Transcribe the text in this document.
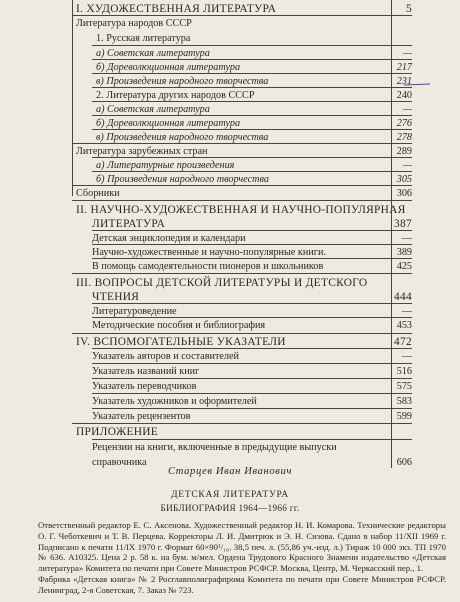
I. ХУДОЖЕСТВЕННАЯ ЛИТЕРАТУРА	5
Литература народов СССР
1. Русская литература
а) Советская литература	—
б) Дореволюционная литература	217
в) Произведения народного творчества	231
2. Литература других народов СССР	240
а) Советская литература	—
б) Дореволюционная литература	276
в) Произведения народного творчества	278
Литература зарубежных стран	289
а) Литературные произведения	—
б) Произведения народного творчества	305
Сборники	306
II. НАУЧНО-ХУДОЖЕСТВЕННАЯ И НАУЧНО-ПОПУЛЯРНАЯ
ЛИТЕРАТУРА	387
Детская энциклопедия и календари	—
Научно-художественные и научно-популярные книги.	389
В помощь самодеятельности пионеров и школьников	425
III. ВОПРОСЫ ДЕТСКОЙ ЛИТЕРАТУРЫ И ДЕТСКОГО
ЧТЕНИЯ	444
Литературоведение	—
Методические пособия и библиография	453
IV. ВСПОМОГАТЕЛЬНЫЕ УКАЗАТЕЛИ	472
Указатель авторов и составителей	—
Указатель названий книг	516
Указатель переводчиков	575
Указатель художников и оформителей	583
Указатель рецензентов	599
ПРИЛОЖЕНИЕ
Рецензии на книги, включенные в предыдущие выпуски
справочника	606
Старцев Иван Иванович
ДЕТСКАЯ ЛИТЕРАТУРА
БИБЛИОГРАФИЯ 1964—1966 гг.

Ответственный редактор Е. С. Аксенова. Художественный редактор Н. И. Комарова. Технические редакторы О. Г. Чеботкевич и Т. В. Перцева. Корректоры Л. И. Дмитрюк и Э. Н. Сизова. Сдано в набор 11/XII 1969 г. Подписано к печати 11/IX 1970 г. Формат 60×90¹/₁₆. 38,5 печ. л. (55,86 уч.-изд. л.) Тираж 10 000 экз. ТП 1970 № 636. А10325. Цена 2 р. 58 к. на бум. м/мел. Ордена Трудового Красного Знамени издательство «Детская литература» Комитета по печати при Совете Министров РСФСР. Москва, Центр, М. Черкасский пер., 1.

Фабрика «Детская книга» № 2 Росглавполиграфпрома Комитета по печати при Совете Министров РСФСР. Ленинград, 2-я Советская, 7. Заказ № 723.
